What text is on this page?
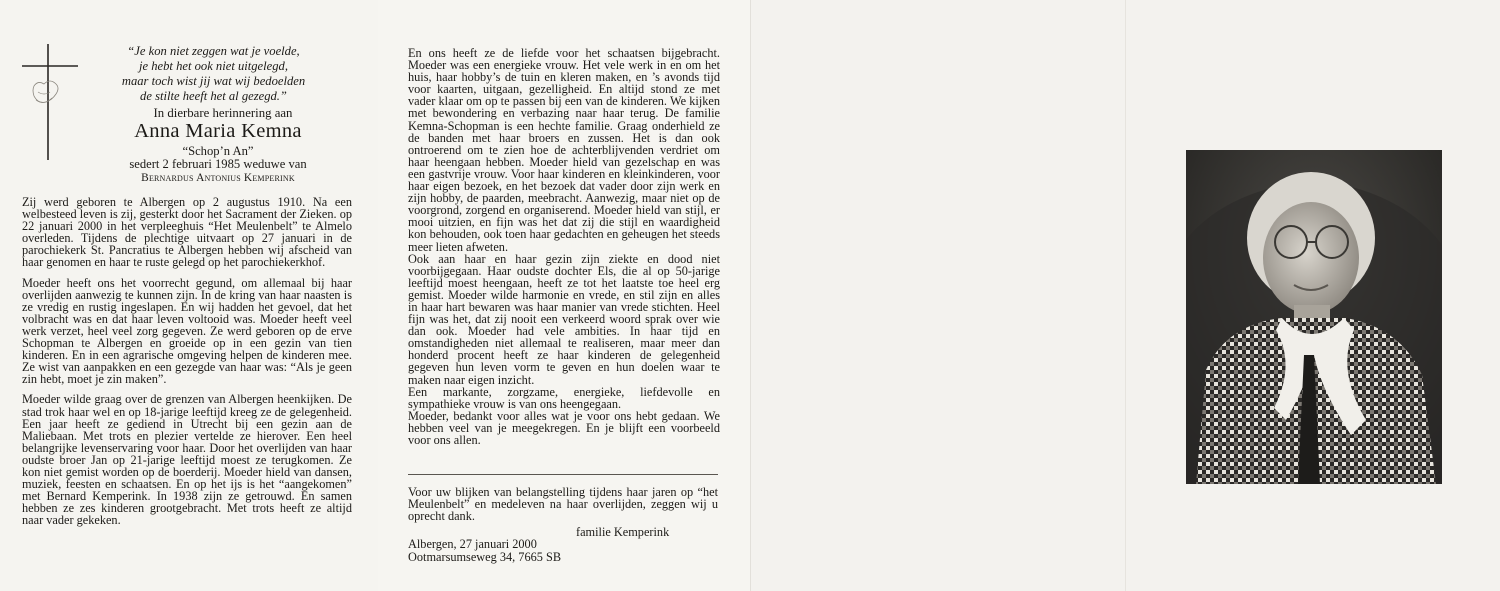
“Je kon niet zeggen wat je voelde,
je hebt het ook niet uitgelegd,
maar toch wist jij wat wij bedoelden
de stilte heeft het al gezegd.”
In dierbare herinnering aan
Anna Maria Kemna
“Schop’n An”
sedert 2 februari 1985 weduwe van
Bernardus Antonius Kemperink

Zij werd geboren te Albergen op 2 augustus 1910. Na een welbesteed leven is zij, gesterkt door het Sacrament der Zieken. op 22 januari 2000 in het verpleeghuis “Het Meulenbelt” te Almelo overleden. Tijdens de plechtige uitvaart op 27 januari in de parochiekerk St. Pancratius te Albergen hebben wij afscheid van haar genomen en haar te ruste gelegd op het parochiekerkhof.

Moeder heeft ons het voorrecht gegund, om allemaal bij haar overlijden aanwezig te kunnen zijn. In de kring van haar naasten is ze vredig en rustig ingeslapen. En wij hadden het gevoel, dat het volbracht was en dat haar leven voltooid was. Moeder heeft veel werk verzet, heel veel zorg gegeven. Ze werd geboren op de erve Schopman te Albergen en groeide op in een gezin van tien kinderen. En in een agrarische omgeving helpen de kinderen mee. Ze wist van aanpakken en een gezegde van haar was: “Als je geen zin hebt, moet je zin maken”.

Moeder wilde graag over de grenzen van Albergen heenkijken. De stad trok haar wel en op 18-jarige leeftijd kreeg ze de gelegenheid. Een jaar heeft ze gediend in Utrecht bij een gezin aan de Maliebaan. Met trots en plezier vertelde ze hierover. Een heel belangrijke levenservaring voor haar. Door het overlijden van haar oudste broer Jan op 21-jarige leeftijd moest ze terugkomen. Ze kon niet gemist worden op de boerderij. Moeder hield van dansen, muziek, feesten en schaatsen. En op het ijs is het “aangekomen” met Bernard Kemperink. In 1938 zijn ze getrouwd. En samen hebben ze zes kinderen grootgebracht. Met trots heeft ze altijd naar vader gekeken.

En ons heeft ze de liefde voor het schaatsen bijgebracht. Moeder was een energieke vrouw. Het vele werk in en om het huis, haar hobby’s de tuin en kleren maken, en ’s avonds tijd voor kaarten, uitgaan, gezelligheid. En altijd stond ze met vader klaar om op te passen bij een van de kinderen. We kijken met bewondering en verbazing naar haar terug. De familie Kemna-Schopman is een hechte familie. Graag onderhield ze de banden met haar broers en zussen. Het is dan ook ontroerend om te zien hoe de achterblijvenden verdriet om haar heengaan hebben. Moeder hield van gezelschap en was een gastvrije vrouw. Voor haar kinderen en kleinkinderen, voor haar eigen bezoek, en het bezoek dat vader door zijn werk en zijn hobby, de paarden, meebracht. Aanwezig, maar niet op de voorgrond, zorgend en organiserend. Moeder hield van stijl, er mooi uitzien, en fijn was het dat zij die stijl en waardigheid kon behouden, ook toen haar gedachten en geheugen het steeds meer lieten afweten.

Ook aan haar en haar gezin zijn ziekte en dood niet voorbijgegaan. Haar oudste dochter Els, die al op 50-jarige leeftijd moest heengaan, heeft ze tot het laatste toe heel erg gemist. Moeder wilde harmonie en vrede, en stil zijn en alles in haar hart bewaren was haar manier van vrede stichten. Heel fijn was het, dat zij nooit een verkeerd woord sprak over wie dan ook. Moeder had vele ambities. In haar tijd en omstandigheden niet allemaal te realiseren, maar meer dan honderd procent heeft ze haar kinderen de gelegenheid gegeven hun leven vorm te geven en hun doelen waar te maken naar eigen inzicht.

Een markante, zorgzame, energieke, liefdevolle en sympathieke vrouw is van ons heengegaan.

Moeder, bedankt voor alles wat je voor ons hebt gedaan. We hebben veel van je meegekregen. En je blijft een voorbeeld voor ons allen.

Voor uw blijken van belangstelling tijdens haar jaren op “het Meulenbelt” en medeleven na haar overlijden, zeggen wij u oprecht dank.
familie Kemperink
Albergen, 27 januari 2000
Ootmarsumseweg 34, 7665 SB
